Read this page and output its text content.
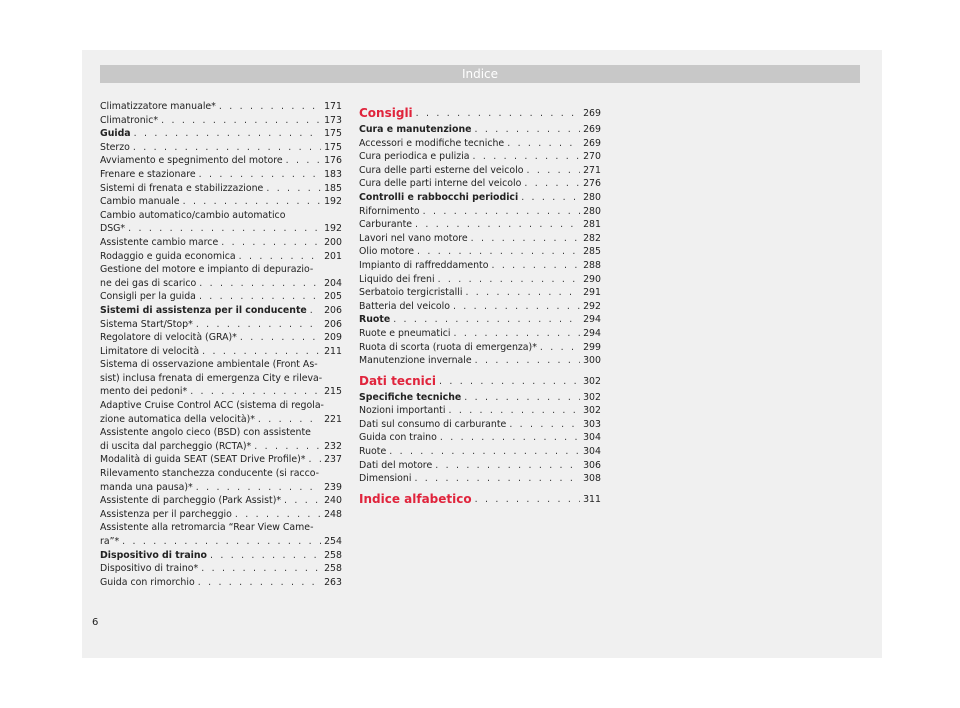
Indice
Climatizzatore manuale* . . .	171
Climatronic* . . .	173
Guida . . .	175
Sterzo . . .	175
Avviamento e spegnimento del motore . . .	176
Frenare e stazionare . . .	183
Sistemi di frenata e stabilizzazione . . .	185
Cambio manuale . . .	192
Cambio automatico/cambio automatico
DSG* . . .	192
Assistente cambio marce . . .	200
Rodaggio e guida economica . . .	201
Gestione del motore e impianto di depurazio-
ne dei gas di scarico . . .	204
Consigli per la guida . . .	205
Sistemi di assistenza per il conducente . . . 206
Sistema Start/Stop* . . .	206
Regolatore di velocità (GRA)* . . .	209
Limitatore di velocità . . .	211
Sistema di osservazione ambientale (Front As-
sist) inclusa frenata di emergenza City e rileva-
mento dei pedoni* . . .	215
Adaptive Cruise Control ACC (sistema di regola-
zione automatica della velocità)* . . .	221
Assistente angolo cieco (BSD) con assistente
di uscita dal parcheggio (RCTA)* . . .	232
Modalità di guida SEAT (SEAT Drive Profile)* . . . 237
Rilevamento stanchezza conducente (si racco-
manda una pausa)* . . .	239
Assistente di parcheggio (Park Assist)* . . .	240
Assistenza per il parcheggio . . .	248
Assistente alla retromarcia “Rear View Came-
ra”* . . .	254
Dispositivo di traino . . .	258
Dispositivo di traino* . . .	258
Guida con rimorchio . . .	263
Consigli . . .	269
Cura e manutenzione . . .	269
Accessori e modifiche tecniche . . .	269
Cura periodica e pulizia . . .	270
Cura delle parti esterne del veicolo . . .	271
Cura delle parti interne del veicolo . . .	276
Controlli e rabbocchi periodici . . .	280
Rifornimento . . .	280
Carburante . . .	281
Lavori nel vano motore . . .	282
Olio motore . . .	285
Impianto di raffreddamento . . .	288
Liquido dei freni . . .	290
Serbatoio tergicristalli . . .	291
Batteria del veicolo . . .	292
Ruote . . .	294
Ruote e pneumatici . . .	294
Ruota di scorta (ruota di emergenza)* . . .	299
Manutenzione invernale . . .	300
Dati tecnici . . .	302
Specifiche tecniche . . .	302
Nozioni importanti . . .	302
Dati sul consumo di carburante . . .	303
Guida con traino . . .	304
Ruote . . .	304
Dati del motore . . .	306
Dimensioni . . .	308
Indice alfabetico . . .	311
6
